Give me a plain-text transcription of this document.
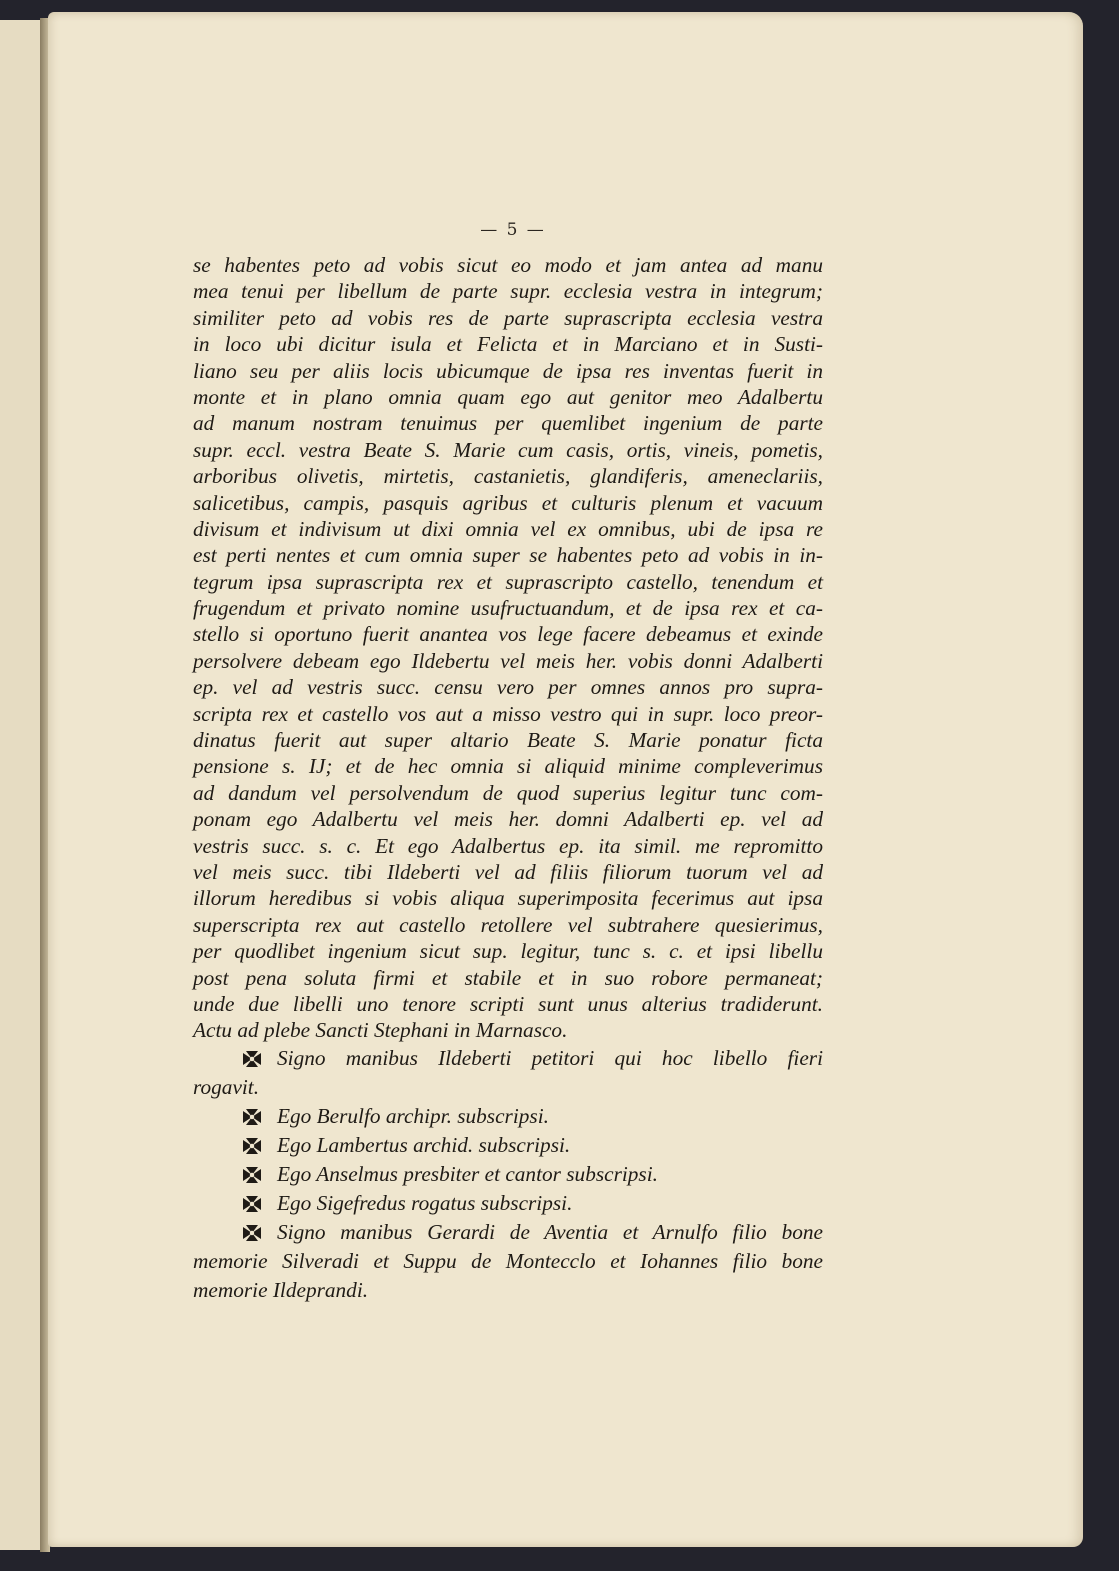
— 5 —
se habentes peto ad vobis sicut eo modo et jam antea ad manu
mea tenui per libellum de parte supr. ecclesia vestra in integrum;
similiter peto ad vobis res de parte suprascripta ecclesia vestra
in loco ubi dicitur isula et Felicta et in Marciano et in Susti-
liano seu per aliis locis ubicumque de ipsa res inventas fuerit in
monte et in plano omnia quam ego aut genitor meo Adalbertu
ad manum nostram tenuimus per quemlibet ingenium de parte
supr. eccl. vestra Beate S. Marie cum casis, ortis, vineis, pometis,
arboribus olivetis, mirtetis, castanietis, glandiferis, ameneclariis,
salicetibus, campis, pasquis agribus et culturis plenum et vacuum
divisum et indivisum ut dixi omnia vel ex omnibus, ubi de ipsa re
est perti nentes et cum omnia super se habentes peto ad vobis in in-
tegrum ipsa suprascripta rex et suprascripto castello, tenendum et
frugendum et privato nomine usufructuandum, et de ipsa rex et ca-
stello si oportuno fuerit anantea vos lege facere debeamus et exinde
persolvere debeam ego Ildebertu vel meis her. vobis donni Adalberti
ep. vel ad vestris succ. censu vero per omnes annos pro supra-
scripta rex et castello vos aut a misso vestro qui in supr. loco preor-
dinatus fuerit aut super altario Beate S. Marie ponatur ficta
pensione s. IJ; et de hec omnia si aliquid minime compleverimus
ad dandum vel persolvendum de quod superius legitur tunc com-
ponam ego Adalbertu vel meis her. domni Adalberti ep. vel ad
vestris succ. s. c. Et ego Adalbertus ep. ita simil. me repromitto
vel meis succ. tibi Ildeberti vel ad filiis filiorum tuorum vel ad
illorum heredibus si vobis aliqua superimposita fecerimus aut ipsa
superscripta rex aut castello retollere vel subtrahere quesierimus,
per quodlibet ingenium sicut sup. legitur, tunc s. c. et ipsi libellu
post pena soluta firmi et stabile et in suo robore permaneat;
unde due libelli uno tenore scripti sunt unus alterius tradiderunt.
Actu ad plebe Sancti Stephani in Marnasco.
Signo manibus Ildeberti petitori qui hoc libello fieri
rogavit.
Ego Berulfo archipr. subscripsi.
Ego Lambertus archid. subscripsi.
Ego Anselmus presbiter et cantor subscripsi.
Ego Sigefredus rogatus subscripsi.
Signo manibus Gerardi de Aventia et Arnulfo filio bone
memorie Silveradi et Suppu de Montecclo et Iohannes filio bone
memorie Ildeprandi.
